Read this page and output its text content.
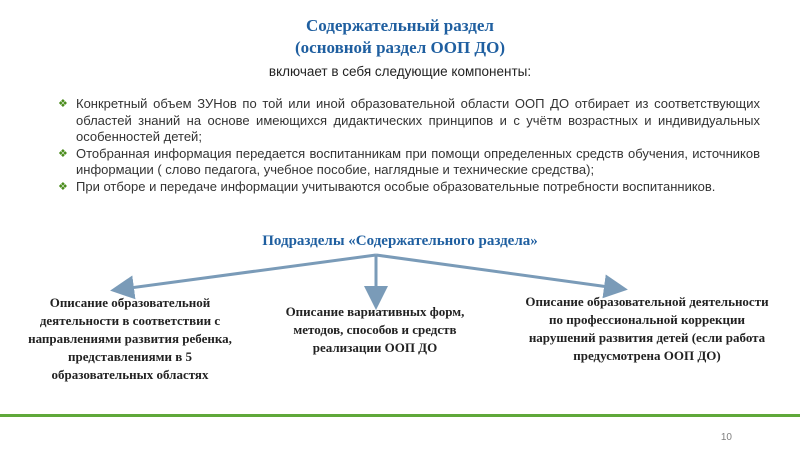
Содержательный раздел
(основной раздел ООП ДО)
включает в себя следующие компоненты:
❖ Конкретный объем ЗУНов по той или иной образовательной области ООП ДО отбирает из соответствующих областей знаний на основе имеющихся дидактических принципов и с учётм возрастных и индивидуальных особенностей детей;
❖ Отобранная информация передается воспитанникам при помощи определенных средств обучения, источников информации ( слово педагога, учебное пособие, наглядные и технические средства);
❖ При отборе и передаче информации учитываются особые образовательные потребности воспитанников.
Подразделы «Содержательного раздела»
Описание образовательной деятельности в соответствии с направлениями развития ребенка, представлениями в 5 образовательных областях
Описание вариативных форм, методов, способов и средств реализации ООП ДО
Описание образовательной деятельности по профессиональной коррекции нарушений развития детей (если работа предусмотрена ООП ДО)
10
